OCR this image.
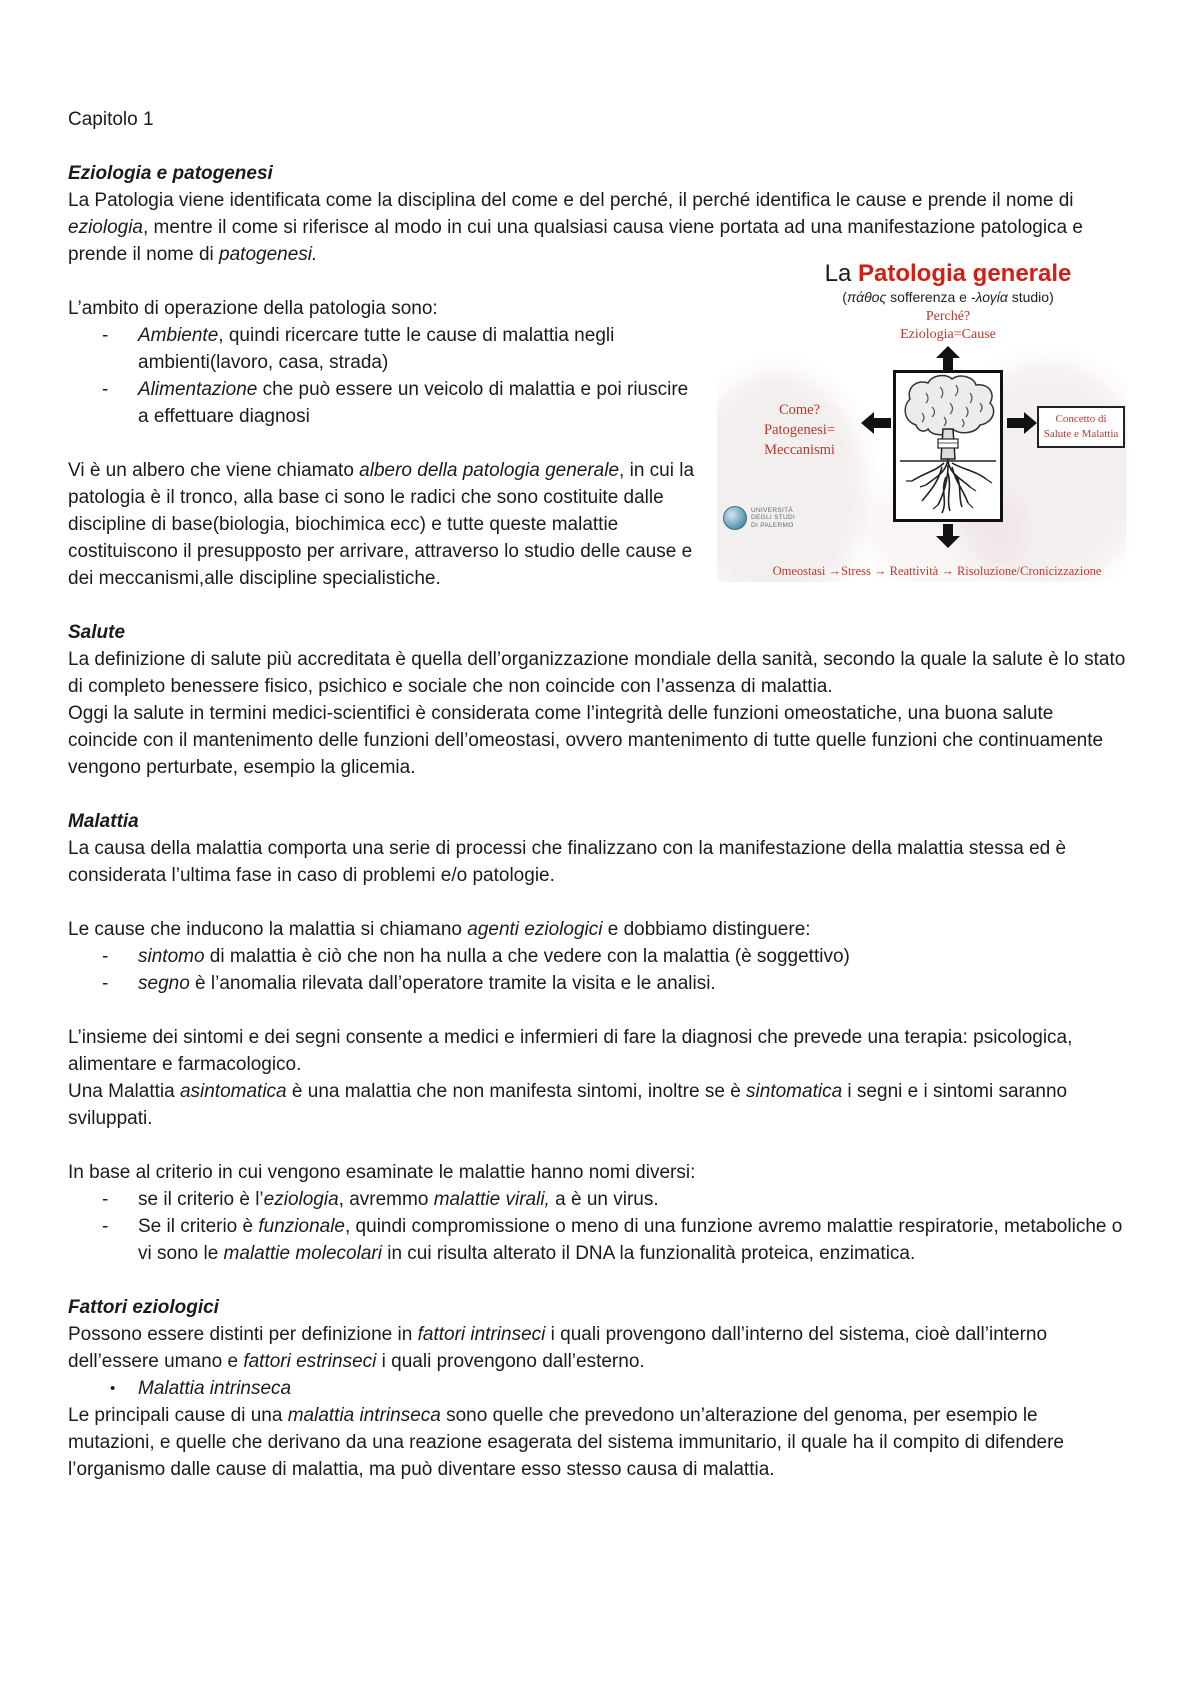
Capitolo 1

Eziologia e patogenesi

La Patologia viene identificata come la disciplina del come e del perché, il perché identifica le cause e prende il nome di eziologia, mentre il come si riferisce al modo in cui una qualsiasi causa viene portata ad una manifestazione patologica e prende il nome di patogenesi.

La Patologia generale
(πάθος sofferenza e -λογία studio)
Perché?
Eziologia=Cause
Come?
Patogenesi=
Meccanismi
Concetto di
Salute e Malattia
UNIVERSITÀ
DEGLI STUDI
DI PALERMO
Omeostasi →Stress → Reattività → Risoluzione/Cronicizzazione

L’ambito di operazione della patologia sono:

-	Ambiente, quindi ricercare tutte le cause di malattia negli ambienti(lavoro, casa, strada)
-	Alimentazione che può essere un veicolo di malattia e poi riuscire a effettuare diagnosi

Vi è un albero che viene chiamato albero della patologia generale, in cui la patologia è il tronco, alla base ci sono le radici che sono costituite dalle discipline di base(biologia, biochimica ecc) e tutte queste malattie costituiscono il presupposto per arrivare, attraverso lo studio delle cause e dei meccanismi,alle discipline specialistiche.

Salute

La definizione di salute più accreditata è quella dell’organizzazione mondiale della sanità, secondo la quale la salute è lo stato di completo benessere fisico, psichico e sociale che non coincide con l’assenza di malattia.

Oggi la salute in termini medici-scientifici è considerata come l’integrità delle funzioni omeostatiche, una buona salute coincide con il mantenimento delle funzioni dell’omeostasi, ovvero mantenimento di tutte quelle funzioni che continuamente vengono perturbate, esempio la glicemia.

Malattia

La causa della malattia comporta una serie di processi che finalizzano con la manifestazione della malattia stessa ed è considerata l’ultima fase in caso di problemi e/o patologie.

Le cause che inducono la malattia si chiamano agenti eziologici e dobbiamo distinguere:

-	sintomo di malattia è ciò che non ha nulla a che vedere con la malattia (è soggettivo)
-	segno è l’anomalia rilevata dall’operatore tramite la visita e le analisi.

L’insieme dei sintomi e dei segni consente a medici e infermieri di fare la diagnosi che prevede una terapia: psicologica, alimentare e farmacologico.

Una Malattia asintomatica è una malattia che non manifesta sintomi, inoltre se è sintomatica i segni e i sintomi saranno sviluppati.

In base al criterio in cui vengono esaminate le malattie hanno nomi diversi:

-	se il criterio è l’eziologia, avremmo malattie virali, a è un virus.
-	Se il criterio è funzionale, quindi compromissione o meno di una funzione avremo malattie respiratorie, metaboliche o vi sono le malattie molecolari in cui risulta alterato il DNA la funzionalità proteica, enzimatica.
Fattori eziologici

Possono essere distinti per definizione in fattori intrinseci i quali provengono dall’interno del sistema, cioè dall’interno dell’essere umano e fattori estrinseci i quali provengono dall’esterno.

•	Malattia intrinseca

Le principali cause di una malattia intrinseca sono quelle che prevedono un’alterazione del genoma, per esempio le mutazioni, e quelle che derivano da una reazione esagerata del sistema immunitario, il quale ha il compito di difendere l’organismo dalle cause di malattia, ma può diventare esso stesso causa di malattia.
